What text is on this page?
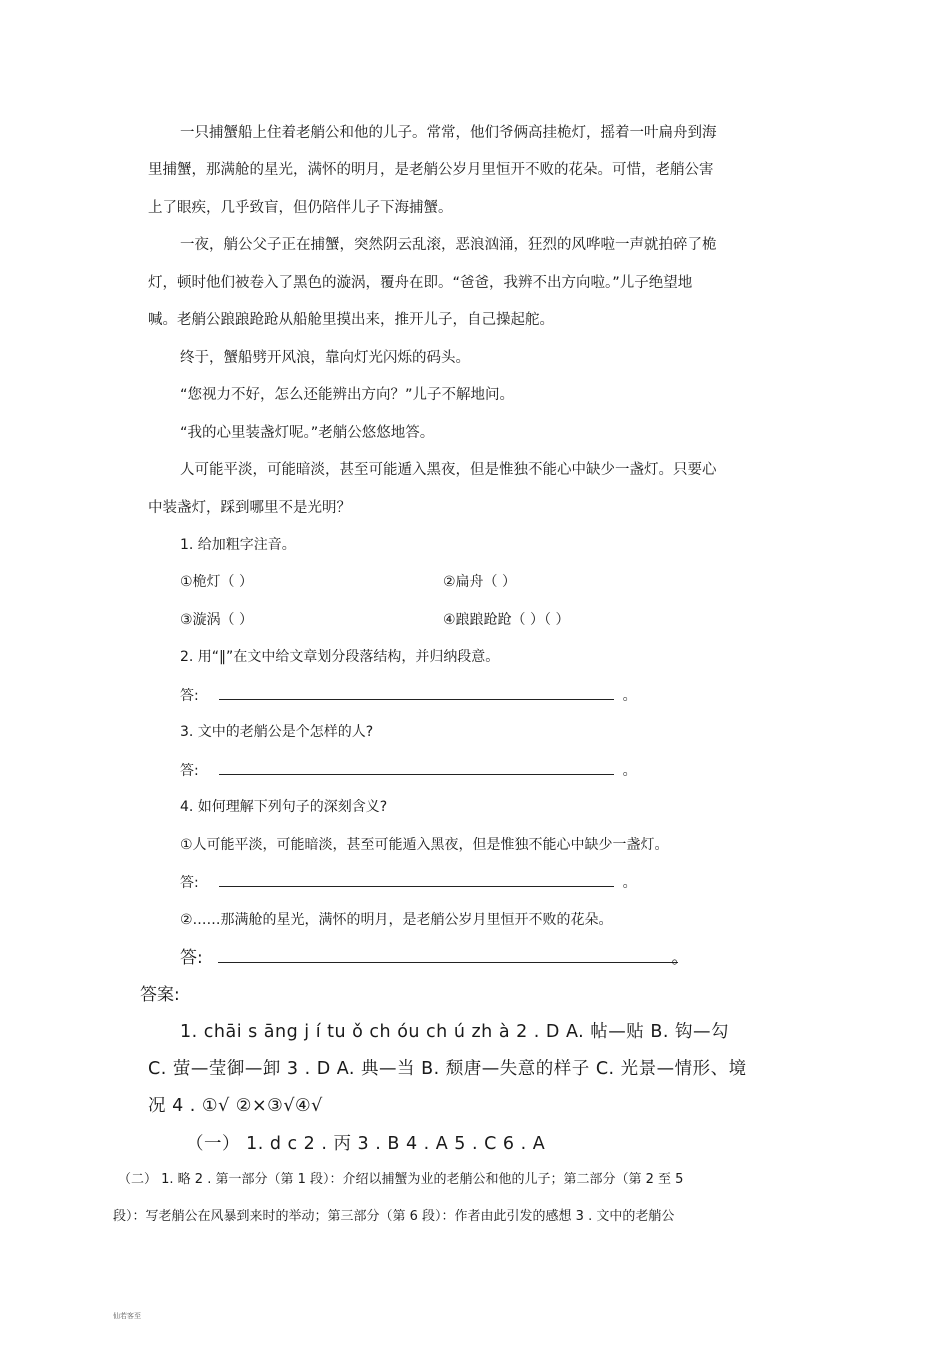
一只捕蟹船上住着老艄公和他的儿子。常常，他们爷俩高挂桅灯，摇着一叶扁舟到海
里捕蟹，那满舱的星光，满怀的明月，是老艄公岁月里恒开不败的花朵。可惜，老艄公害
上了眼疾，几乎致盲，但仍陪伴儿子下海捕蟹。
一夜，艄公父子正在捕蟹，突然阴云乱滚，恶浪汹涌，狂烈的风哗啦一声就拍碎了桅
灯，顿时他们被卷入了黑色的漩涡，覆舟在即。“爸爸，我辨不出方向啦。”儿子绝望地
喊。老艄公踉踉跄跄从船舱里摸出来，推开儿子，自己操起舵。
终于，蟹船劈开风浪，靠向灯光闪烁的码头。
“您视力不好，怎么还能辨出方向？”儿子不解地问。
“我的心里装盏灯呢。”老艄公悠悠地答。
人可能平淡，可能暗淡，甚至可能遁入黑夜，但是惟独不能心中缺少一盏灯。只要心
中装盏灯，踩到哪里不是光明？
1. 给加粗字注音。
①桅灯（ ）	②扁舟（ ）
③漩涡（ ）	④踉踉跄跄（ ）（ ）
2. 用“‖”在文中给文章划分段落结构，并归纳段意。
答:	。
3. 文中的老艄公是个怎样的人?
答:	。
4. 如何理解下列句子的深刻含义?
①人可能平淡，可能暗淡，甚至可能遁入黑夜，但是惟独不能心中缺少一盏灯。
答:	。
②……那满舱的星光，满怀的明月，是老艄公岁月里恒开不败的花朵。
答:	。
答案:
1. chāi s āng j í tu ǒ ch óu ch ú zh à 2 . D A. 帖—贴 B. 钩—勾
C. 萤—莹御—卸 3 . D A. 典—当 B. 颓唐—失意的样子 C. 光景—情形、境
况 4 . ①√ ②×③√④√
（一） 1. d c 2 . 丙 3 . B 4 . A 5 . C 6 . A
（二） 1. 略 2 . 第一部分（第 1 段）：介绍以捕蟹为业的老艄公和他的儿子；第二部分（第 2 至 5
段）：写老艄公在风暴到来时的举动；第三部分（第 6 段）：作者由此引发的感想 3 . 文中的老艄公
仙若客至
